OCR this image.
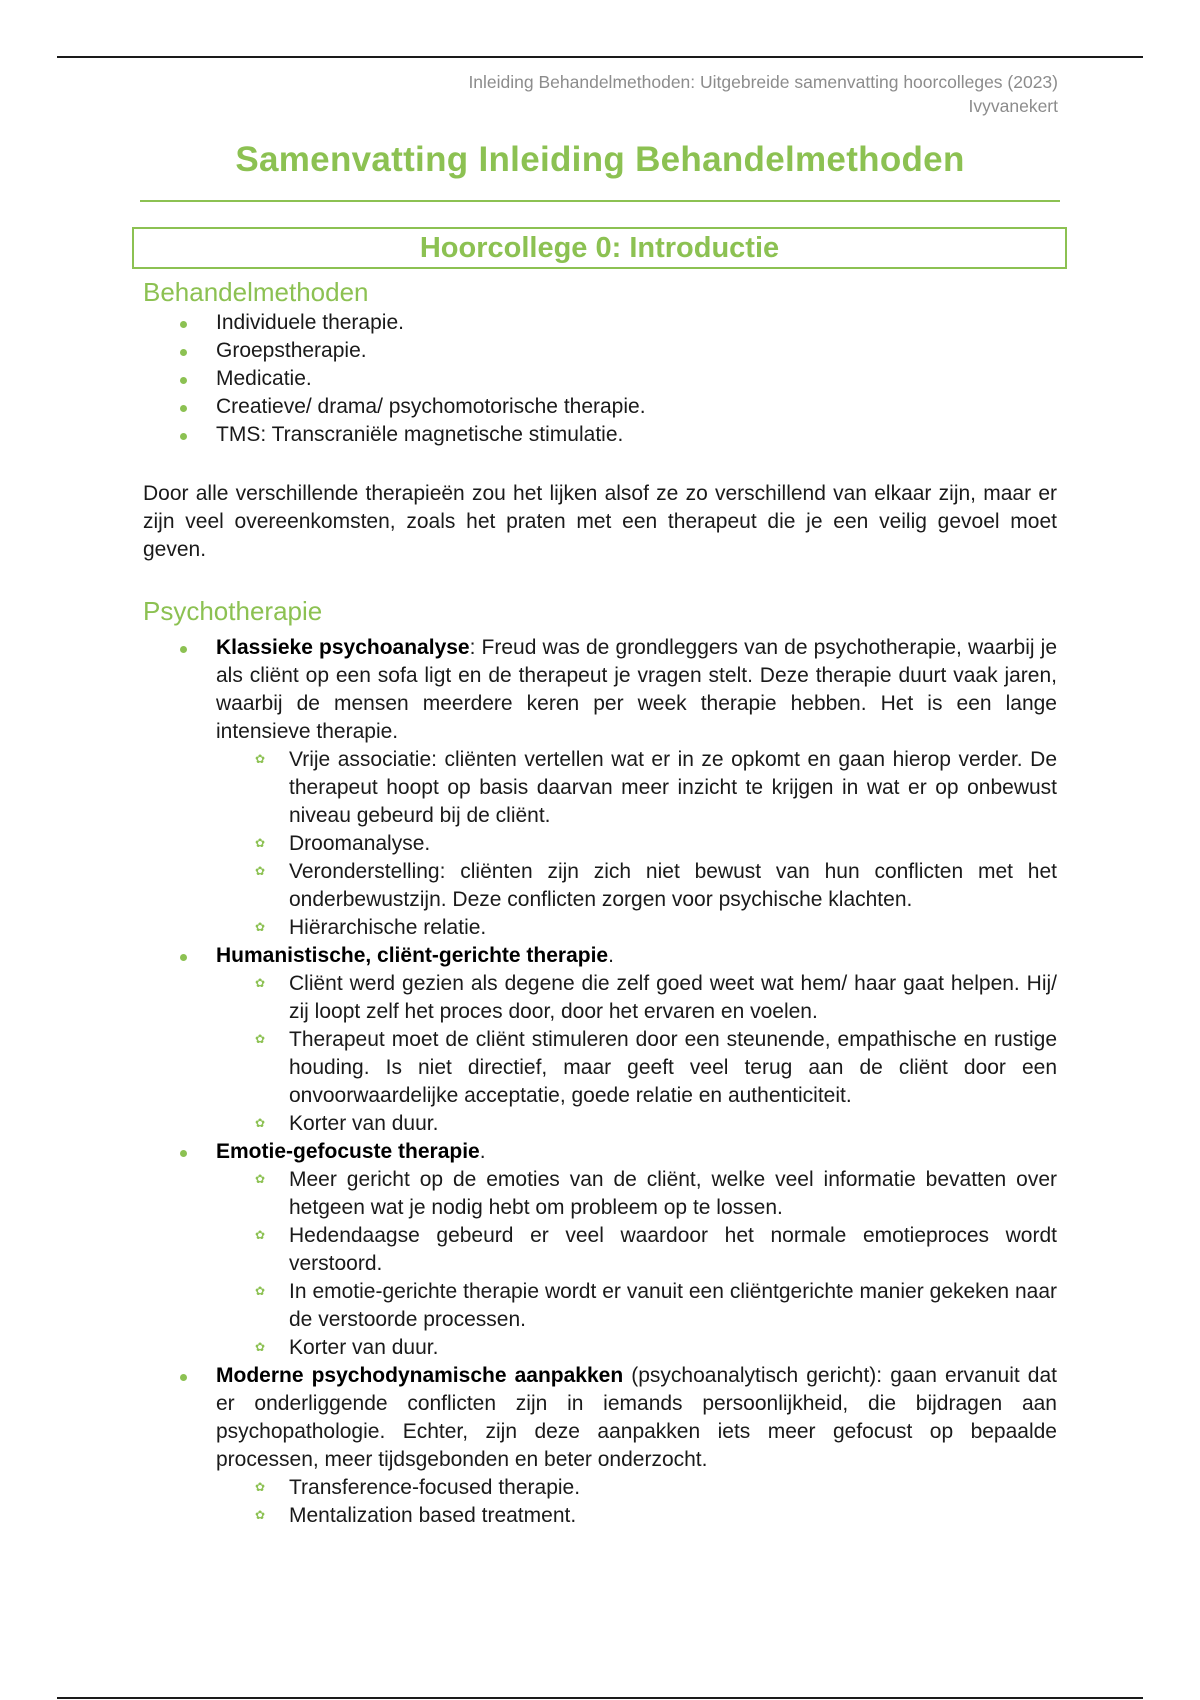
Inleiding Behandelmethoden: Uitgebreide samenvatting hoorcolleges (2023)
Ivyvanekert
Samenvatting Inleiding Behandelmethoden
Hoorcollege 0: Introductie
Behandelmethoden
Individuele therapie.
Groepstherapie.
Medicatie.
Creatieve/ drama/ psychomotorische therapie.
TMS: Transcraniële magnetische stimulatie.

Door alle verschillende therapieën zou het lijken alsof ze zo verschillend van elkaar zijn, maar er zijn veel overeenkomsten, zoals het praten met een therapeut die je een veilig gevoel moet geven.

Psychotherapie
Klassieke psychoanalyse: Freud was de grondleggers van de psychotherapie, waarbij je als cliënt op een sofa ligt en de therapeut je vragen stelt. Deze therapie duurt vaak jaren, waarbij de mensen meerdere keren per week therapie hebben. Het is een lange intensieve therapie.
✿ Vrije associatie: cliënten vertellen wat er in ze opkomt en gaan hierop verder. De therapeut hoopt op basis daarvan meer inzicht te krijgen in wat er op onbewust niveau gebeurd bij de cliënt.
✿ Droomanalyse.
✿ Veronderstelling: cliënten zijn zich niet bewust van hun conflicten met het onderbewustzijn. Deze conflicten zorgen voor psychische klachten.
✿ Hiërarchische relatie.
Humanistische, cliënt-gerichte therapie.
✿ Cliënt werd gezien als degene die zelf goed weet wat hem/ haar gaat helpen. Hij/ zij loopt zelf het proces door, door het ervaren en voelen.
✿ Therapeut moet de cliënt stimuleren door een steunende, empathische en rustige houding. Is niet directief, maar geeft veel terug aan de cliënt door een onvoorwaardelijke acceptatie, goede relatie en authenticiteit.
✿ Korter van duur.
Emotie-gefocuste therapie.
✿ Meer gericht op de emoties van de cliënt, welke veel informatie bevatten over hetgeen wat je nodig hebt om probleem op te lossen.
✿ Hedendaagse gebeurd er veel waardoor het normale emotieproces wordt verstoord.
✿ In emotie-gerichte therapie wordt er vanuit een cliëntgerichte manier gekeken naar de verstoorde processen.
✿ Korter van duur.
Moderne psychodynamische aanpakken (psychoanalytisch gericht): gaan ervanuit dat er onderliggende conflicten zijn in iemands persoonlijkheid, die bijdragen aan psychopathologie. Echter, zijn deze aanpakken iets meer gefocust op bepaalde processen, meer tijdsgebonden en beter onderzocht.
✿ Transference-focused therapie.
✿ Mentalization based treatment.
